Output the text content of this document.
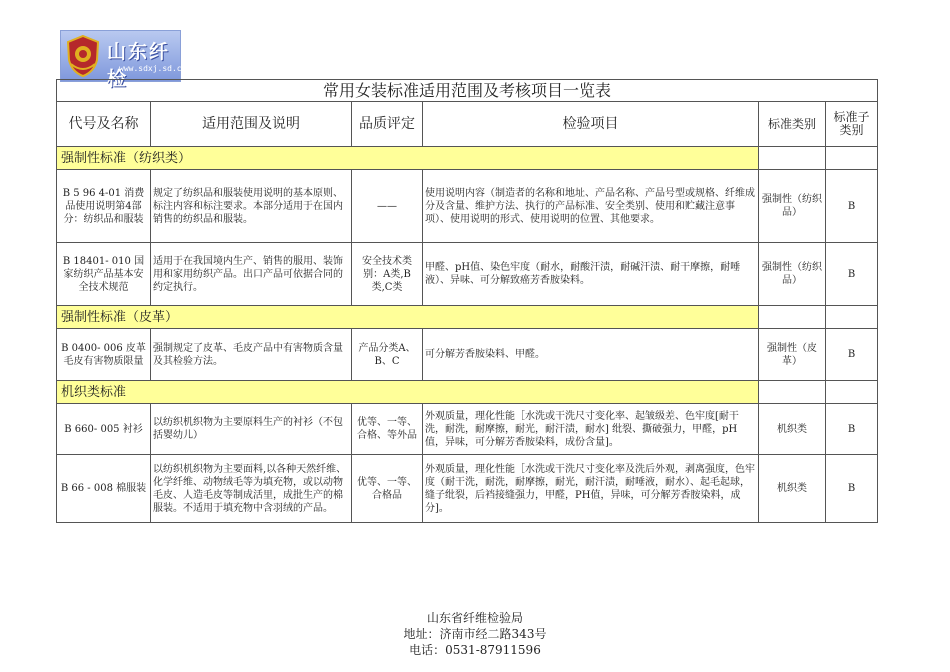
山东纤检
www.sdxj.sd.cn
常用女装标准适用范围及考核项目一览表					
代号及名称	适用范围及说明	品质评定	检验项目	标准类别	标准子类别
强制性标准（纺织类）					
B 5 96 4-01 消费品使用说明第4部分：纺织品和服装	规定了纺织品和服装使用说明的基本原则、标注内容和标注要求。本部分适用于在国内销售的纺织品和服装。	——	使用说明内容（制造者的名称和地址、产品名称、产品号型或规格、纤维成分及含量、维护方法、执行的产品标准、安全类别、使用和贮藏注意事项）、使用说明的形式、使用说明的位置、其他要求。	强制性（纺织品）	B
B 18401- 010 国家纺织产品基本安全技术规范	适用于在我国境内生产、销售的服用、装饰用和家用纺织产品。出口产品可依据合同的约定执行。	安全技术类别：A类,B类,C类	甲醛、pH值、染色牢度（耐水，耐酸汗渍，耐碱汗渍、耐干摩擦，耐唾液）、异味、可分解致癌芳香胺染料。	强制性（纺织品）	B
强制性标准（皮革）					
B 0400- 006 皮革毛皮有害物质限量	强制规定了皮革、毛皮产品中有害物质含量及其检验方法。	产品分类A、B、C	可分解芳香胺染料、甲醛。	强制性（皮革）	B
机织类标准					
B 660- 005 衬衫	以纺织机织物为主要原料生产的衬衫（不包括婴幼儿）	优等、一等、合格、等外品	外观质量，理化性能［水洗或干洗尺寸变化率、起皱级差、色牢度[耐干洗，耐洗，耐摩擦，耐光，耐汗渍，耐水] 纰裂、撕破强力，甲醛，pH值，异味，可分解芳香胺染料，成份含量]。	机织类	B
B 66 - 008 棉服装	以纺织机织物为主要面料,以各种天然纤维、化学纤维、动物绒毛等为填充物，或以动物毛皮、人造毛皮等制成活里，成批生产的棉服装。不适用于填充物中含羽绒的产品。	优等、一等、合格品	外观质量，理化性能［水洗或干洗尺寸变化率及洗后外观，剥离强度，色牢度（耐干洗，耐洗，耐摩擦，耐光，耐汗渍，耐唾液，耐水）、起毛起球，缝子纰裂，后裆接缝强力，甲醛，PH值，异味，可分解芳香胺染料，成分]。	机织类	B
山东省纤维检验局
地址：济南市经二路343号
电话：0531-87911596
